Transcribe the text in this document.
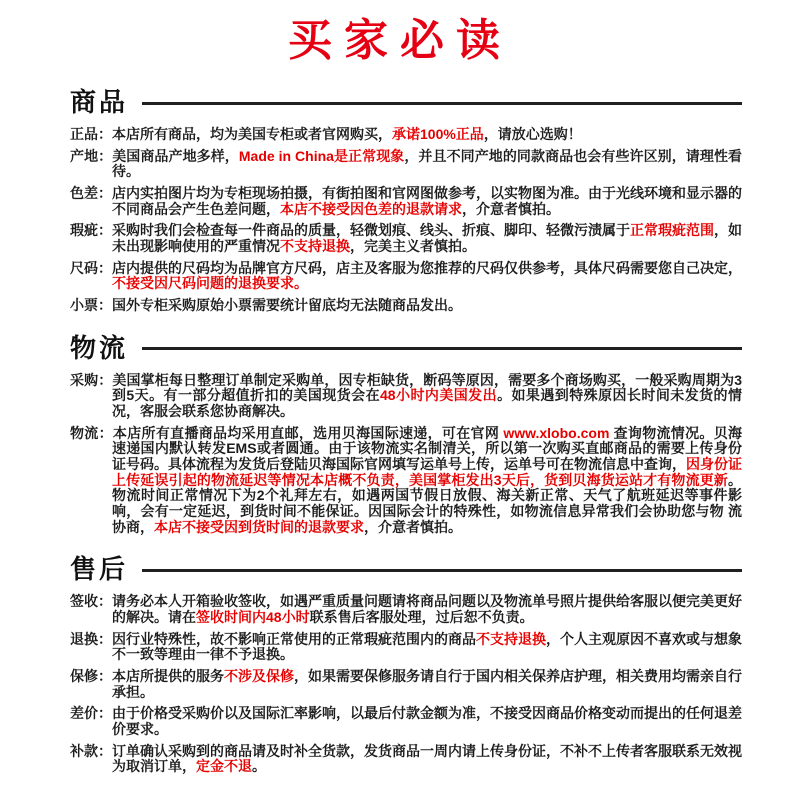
买家必读
商品

正品：本店所有商品，均为美国专柜或者官网购买，承诺100%正品，请放心选购！

产地：美国商品产地多样，Made in China是正常现象，并且不同产地的同款商品也会有些许区别，请理性看待。

色差：店内实拍图片均为专柜现场拍摄，有街拍图和官网图做参考，以实物图为准。由于光线环境和显示器的不同商品会产生色差问题，本店不接受因色差的退款请求，介意者慎拍。

瑕疵：采购时我们会检查每一件商品的质量，轻微划痕、线头、折痕、脚印、轻微污渍属于正常瑕疵范围，如未出现影响使用的严重情况不支持退换，完美主义者慎拍。

尺码：店内提供的尺码均为品牌官方尺码，店主及客服为您推荐的尺码仅供参考，具体尺码需要您自己决定，不接受因尺码问题的退换要求。

小票：国外专柜采购原始小票需要统计留底均无法随商品发出。

物流

采购：美国掌柜每日整理订单制定采购单，因专柜缺货，断码等原因，需要多个商场购买，一般采购周期为3到5天。有一部分超值折扣的美国现货会在48小时内美国发出。如果遇到特殊原因长时间未发货的情况，客服会联系您协商解决。

物流：本店所有直播商品均采用直邮，选用贝海国际速递，可在官网 www.xlobo.com 查询物流情况。贝海速递国内默认转发EMS或者圆通。由于该物流实名制清关，所以第一次购买直邮商品的需要上传身份证号码。具体流程为发货后登陆贝海国际官网填写运单号上传，运单号可在物流信息中查询，因身份证上传延误引起的物流延迟等情况本店概不负责，美国掌柜发出3天后，货到贝海货运站才有物流更新。物流时间正常情况下为2个礼拜左右，如遇两国节假日放假、海关新正常、天气了航班延迟等事件影响，会有一定延迟，到货时间不能保证。因国际会计的特殊性，如物流信息异常我们会协助您与物 流协商，本店不接受因到货时间的退款要求，介意者慎拍。

售后

签收：请务必本人开箱验收签收，如遇严重质量问题请将商品问题以及物流单号照片提供给客服以便完美更好的解决。请在签收时间内48小时联系售后客服处理，过后恕不负责。

退换：因行业特殊性，故不影响正常使用的正常瑕疵范围内的商品不支持退换，个人主观原因不喜欢或与想象不一致等理由一律不予退换。

保修：本店所提供的服务不涉及保修，如果需要保修服务请自行于国内相关保养店护理，相关费用均需亲自行承担。

差价：由于价格受采购价以及国际汇率影响，以最后付款金额为准，不接受因商品价格变动而提出的任何退差价要求。

补款：订单确认采购到的商品请及时补全货款，发货商品一周内请上传身份证，不补不上传者客服联系无效视为取消订单，定金不退。
